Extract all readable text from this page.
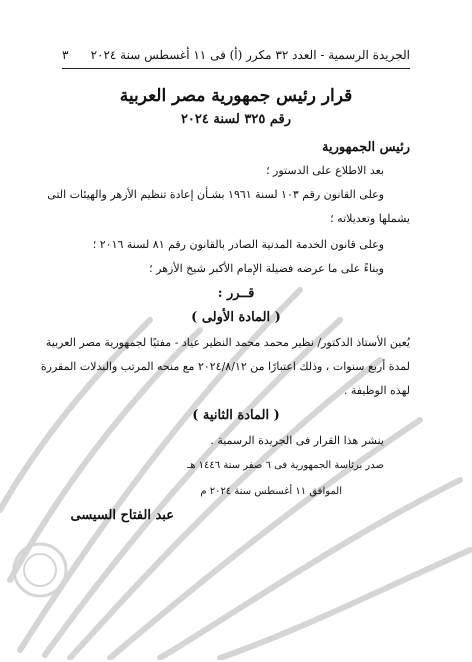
الجريدة الرسمية - العدد ٣٢ مكرر (أ) فى ١١ أغسطس سنة ٢٠٢٤
٣
قرار رئيس جمهورية مصر العربية
رقم ٣٢٥ لسنة ٢٠٢٤
رئيس الجمهورية
بعد الاطلاع على الدستور ؛
وعلى القانون رقم ١٠٣ لسنة ١٩٦١ بشـأن إعادة تنظيم الأزهر والهيئات التى
يشملها وتعديلاته ؛
وعلى قانون الخدمة المدنية الصادر بالقانون رقم ٨١ لسنة ٢٠١٦ ؛
وبناءً على ما عرضه فضيلة الإمام الأكبر شيخ الأزهر ؛
قــرر :
( المادة الأولى )
يُعين الأستاذ الدكتور/ نظير محمد محمد النظير عياد - مفتيًا لجمهورية مصر العربية
لمدة أربع سنوات ، وذلك اعتبارًا من ٢٠٢٤/٨/١٢ مع منحه المرتب والبدلات المقررة
لهذه الوظيفة .
( المادة الثانية )
ينشر هذا القرار فى الجريدة الرسمية .
صدر برئاسة الجمهورية فى ٦ صفر سنة ١٤٤٦ هـ
الموافق ١١ أغسطس سنة ٢٠٢٤ م
عبد الفتاح السيسى
